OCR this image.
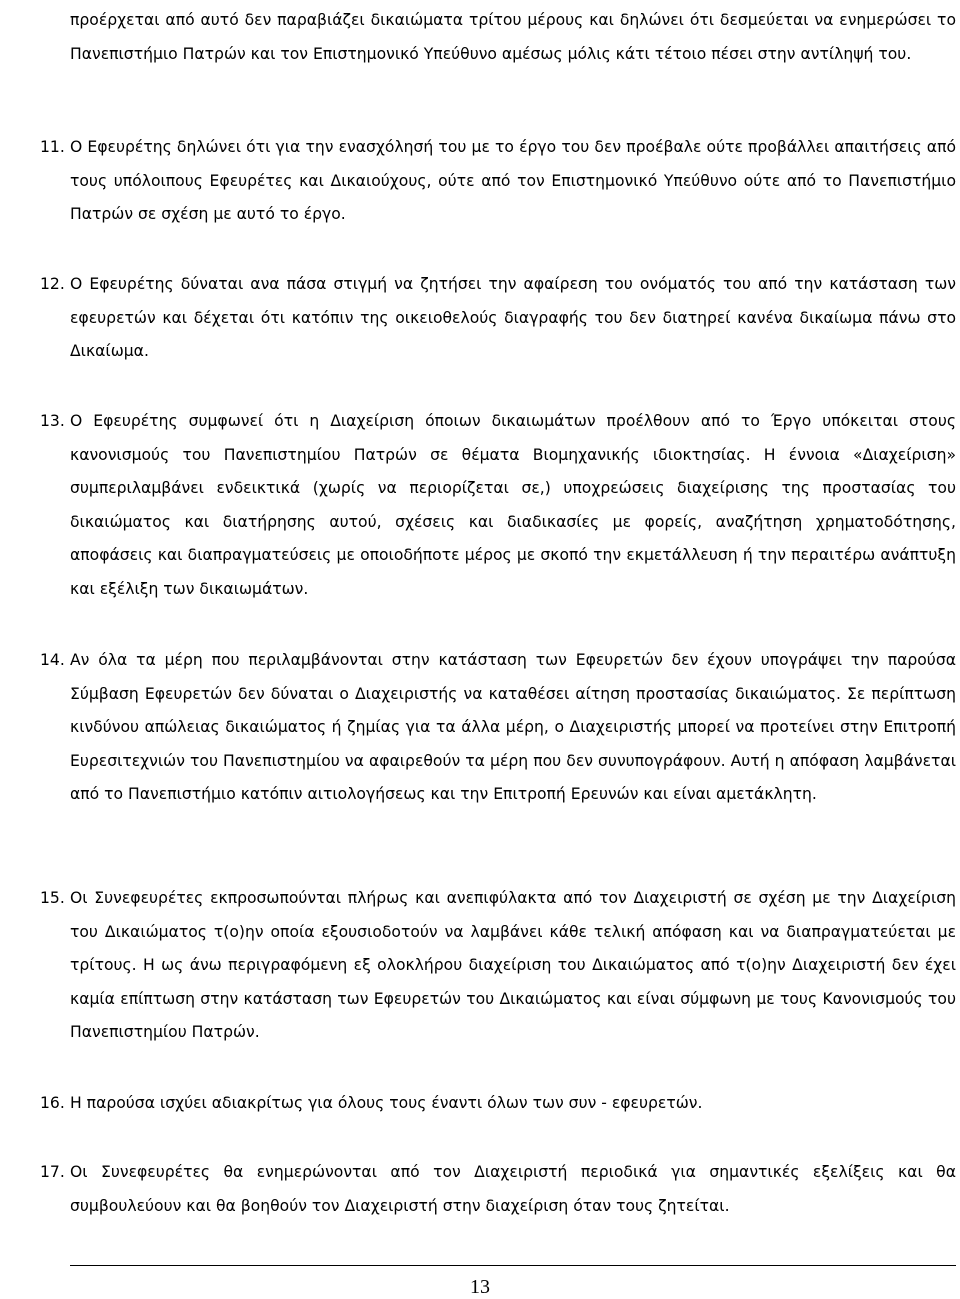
προέρχεται από αυτό δεν παραβιάζει δικαιώματα τρίτου μέρους και δηλώνει ότι δεσμεύεται να ενημερώσει το Πανεπιστήμιο Πατρών και τον Επιστημονικό Υπεύθυνο αμέσως μόλις κάτι τέτοιο πέσει στην αντίληψή του.

11. Ο Εφευρέτης δηλώνει ότι για την ενασχόλησή του με το έργο του δεν προέβαλε ούτε προβάλλει απαιτήσεις από τους υπόλοιπους Εφευρέτες και Δικαιούχους, ούτε από τον Επιστημονικό Υπεύθυνο ούτε από το Πανεπιστήμιο Πατρών σε σχέση με αυτό το έργο.
12. Ο Εφευρέτης δύναται ανα πάσα στιγμή να ζητήσει την αφαίρεση του ονόματός του από την κατάσταση των εφευρετών και δέχεται ότι κατόπιν της οικειοθελούς διαγραφής του δεν διατηρεί κανένα δικαίωμα πάνω στο Δικαίωμα.
13. Ο Εφευρέτης συμφωνεί ότι η Διαχείριση όποιων δικαιωμάτων προέλθουν από το Έργο υπόκειται στους κανονισμούς του Πανεπιστημίου Πατρών σε θέματα Βιομηχανικής ιδιοκτησίας. Η έννοια «Διαχείριση» συμπεριλαμβάνει ενδεικτικά (χωρίς να περιορίζεται σε,) υποχρεώσεις διαχείρισης της προστασίας του δικαιώματος και διατήρησης αυτού, σχέσεις και διαδικασίες με φορείς, αναζήτηση χρηματοδότησης, αποφάσεις και διαπραγματεύσεις με οποιοδήποτε μέρος με σκοπό την εκμετάλλευση ή την περαιτέρω ανάπτυξη και εξέλιξη των δικαιωμάτων.
14. Αν όλα τα μέρη που περιλαμβάνονται στην κατάσταση των Εφευρετών δεν έχουν υπογράψει την παρούσα Σύμβαση Εφευρετών δεν δύναται ο Διαχειριστής να καταθέσει αίτηση προστασίας δικαιώματος. Σε περίπτωση κινδύνου απώλειας δικαιώματος ή ζημίας για τα άλλα μέρη, ο Διαχειριστής μπορεί να προτείνει στην Επιτροπή Ευρεσιτεχνιών του Πανεπιστημίου να αφαιρεθούν τα μέρη που δεν συνυπογράφουν. Αυτή η απόφαση λαμβάνεται από το Πανεπιστήμιο κατόπιν αιτιολογήσεως και την Επιτροπή Ερευνών και είναι αμετάκλητη.
15. Οι Συνεφευρέτες εκπροσωπούνται πλήρως και ανεπιφύλακτα από τον Διαχειριστή σε σχέση με την Διαχείριση του Δικαιώματος τ(ο)ην οποία εξουσιοδοτούν να λαμβάνει κάθε τελική απόφαση και να διαπραγματεύεται με τρίτους. Η ως άνω περιγραφόμενη εξ ολοκλήρου διαχείριση του Δικαιώματος από τ(ο)ην Διαχειριστή δεν έχει καμία επίπτωση στην κατάσταση των Εφευρετών του Δικαιώματος και είναι σύμφωνη με τους Κανονισμούς του Πανεπιστημίου Πατρών.
16. Η παρούσα ισχύει αδιακρίτως για όλους τους έναντι όλων των συν - εφευρετών.
17. Οι Συνεφευρέτες θα ενημερώνονται από τον Διαχειριστή περιοδικά για σημαντικές εξελίξεις και θα συμβουλεύουν και θα βοηθούν τον Διαχειριστή στην διαχείριση όταν τους ζητείται.
13
